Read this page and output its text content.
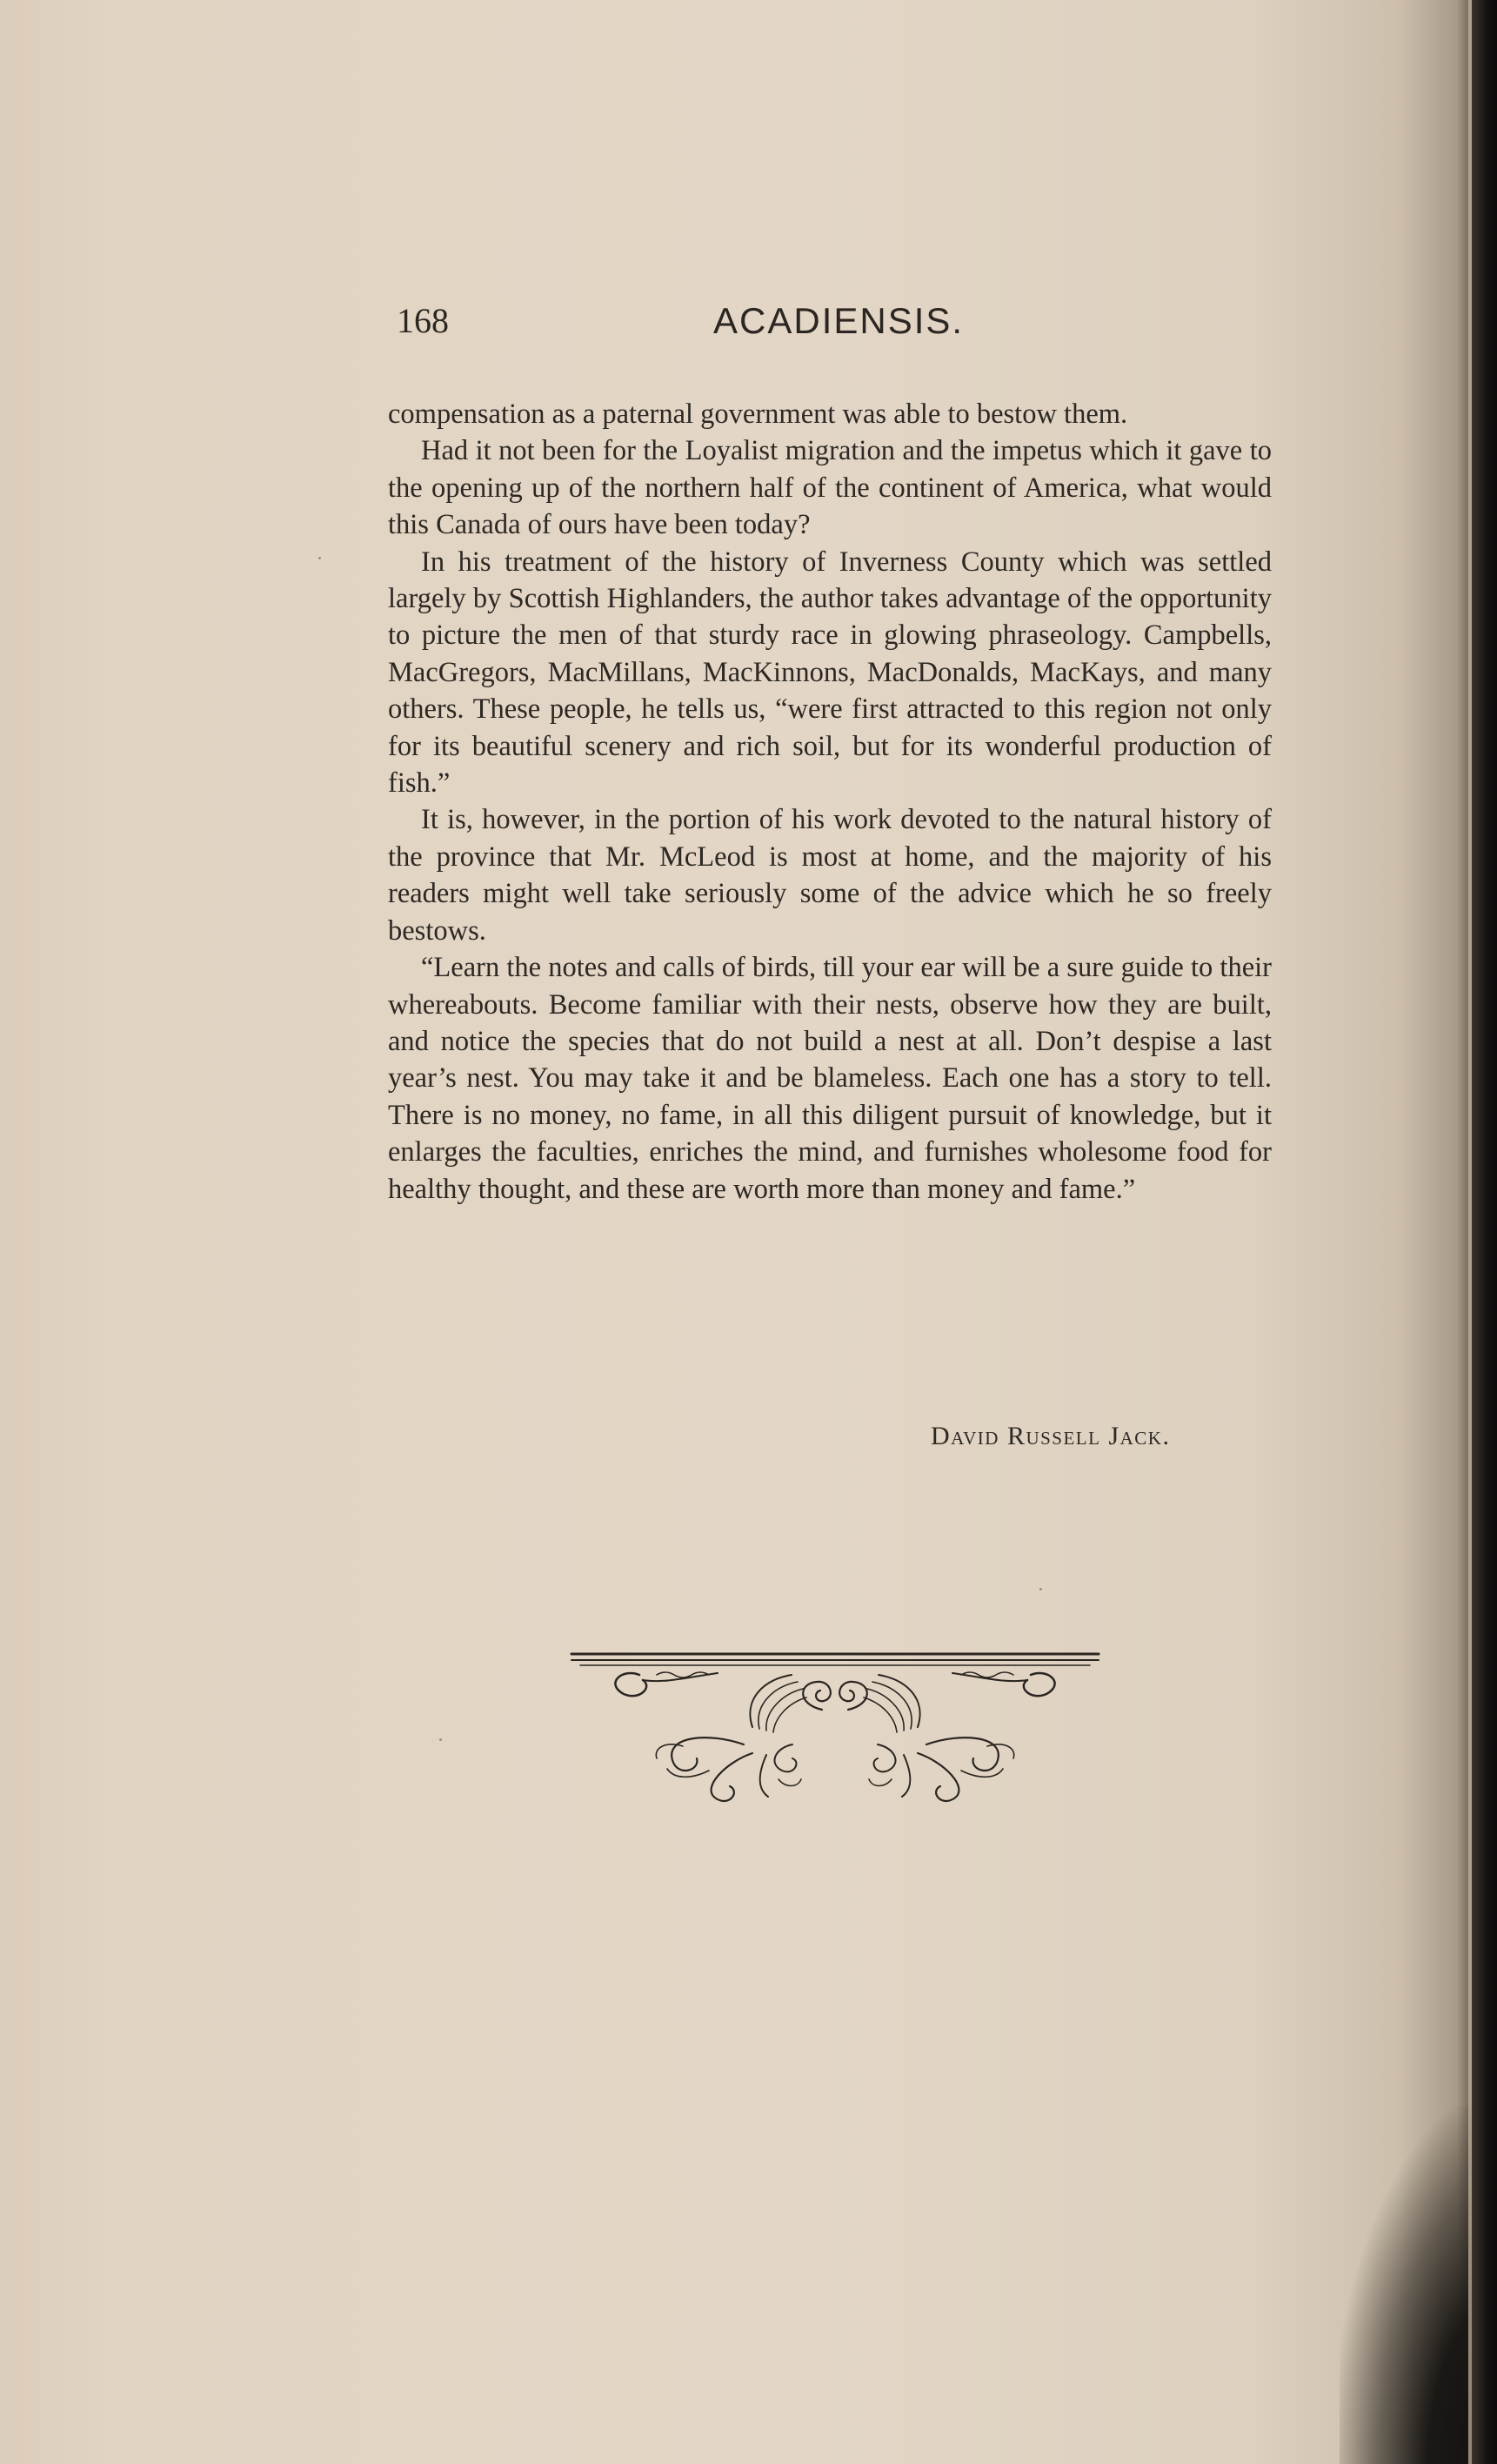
168	ACADIENSIS.

compensation as a paternal government was able to bestow them.

Had it not been for the Loyalist migration and the impetus which it gave to the opening up of the northern half of the continent of America, what would this Canada of ours have been today?

In his treatment of the history of Inverness County which was settled largely by Scottish Highlanders, the author takes advantage of the opportunity to picture the men of that sturdy race in glowing phraseology. Campbells, MacGregors, MacMillans, MacKinnons, MacDonalds, MacKays, and many others. These people, he tells us, “were first attracted to this region not only for its beautiful scenery and rich soil, but for its wonderful production of fish.”

It is, however, in the portion of his work devoted to the natural history of the province that Mr. McLeod is most at home, and the majority of his readers might well take seriously some of the advice which he so freely bestows.

“Learn the notes and calls of birds, till your ear will be a sure guide to their whereabouts. Become familiar with their nests, observe how they are built, and notice the species that do not build a nest at all. Don’t despise a last year’s nest. You may take it and be blameless. Each one has a story to tell. There is no money, no fame, in all this diligent pursuit of knowledge, but it enlarges the faculties, enriches the mind, and furnishes wholesome food for healthy thought, and these are worth more than money and fame.”

David Russell Jack.
